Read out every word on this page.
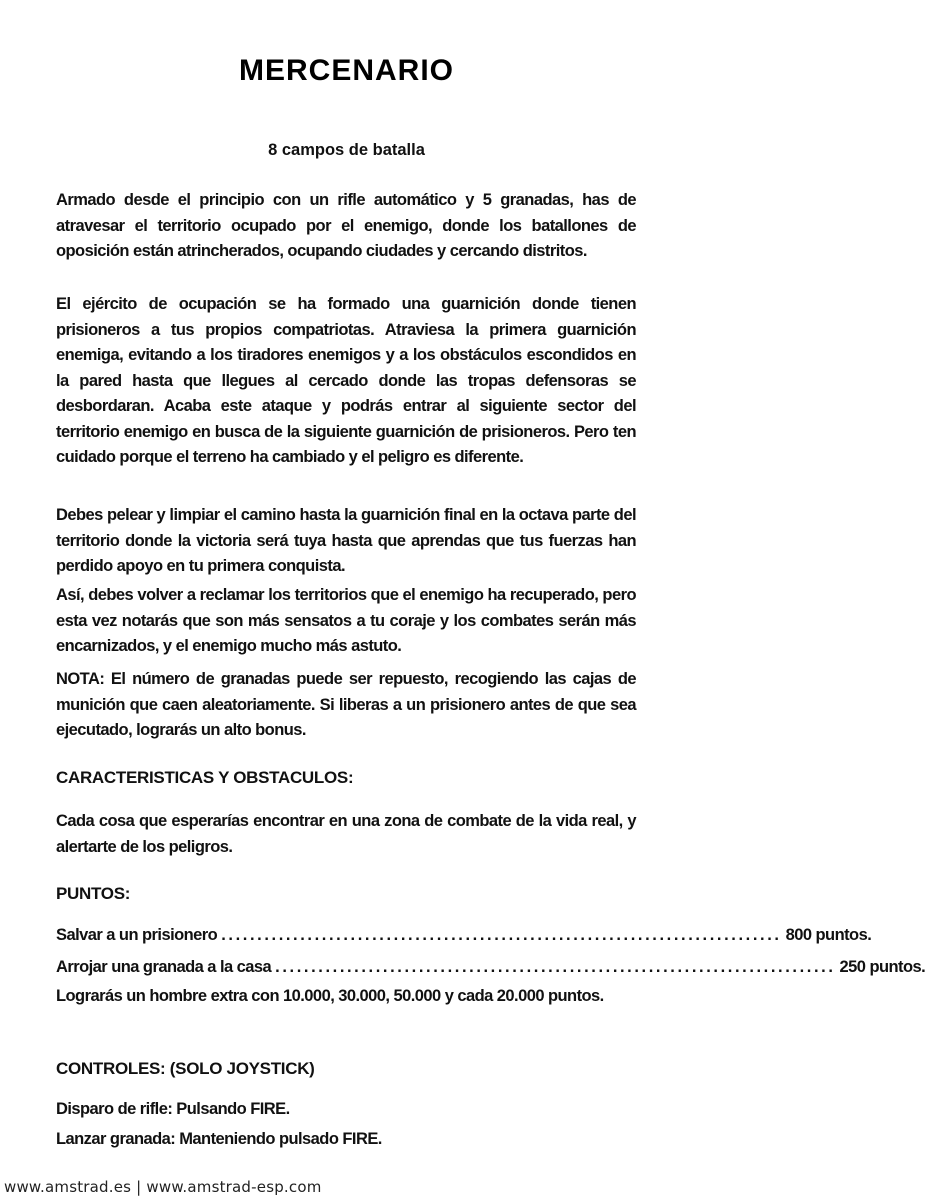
MERCENARIO
8 campos de batalla
Armado desde el principio con un rifle automático y 5 granadas, has de atravesar el territorio ocupado por el enemigo, donde los batallones de oposición están atrincherados, ocupando ciudades y cercando distritos.
El ejército de ocupación se ha formado una guarnición donde tienen prisioneros a tus propios compatriotas. Atraviesa la primera guarnición enemiga, evitando a los tiradores enemigos y a los obstáculos escondidos en la pared hasta que llegues al cercado donde las tropas defensoras se desbordaran. Acaba este ataque y podrás entrar al siguiente sector del territorio enemigo en busca de la siguiente guarnición de prisioneros. Pero ten cuidado porque el terreno ha cambiado y el peligro es diferente.
Debes pelear y limpiar el camino hasta la guarnición final en la octava parte del territorio donde la victoria será tuya hasta que aprendas que tus fuerzas han perdido apoyo en tu primera conquista.
Así, debes volver a reclamar los territorios que el enemigo ha recuperado, pero esta vez notarás que son más sensatos a tu coraje y los combates serán más encarnizados, y el enemigo mucho más astuto.
NOTA: El número de granadas puede ser repuesto, recogiendo las cajas de munición que caen aleatoriamente. Si liberas a un prisionero antes de que sea ejecutado, lograrás un alto bonus.
CARACTERISTICAS Y OBSTACULOS:
Cada cosa que esperarías encontrar en una zona de combate de la vida real, y alertarte de los peligros.
PUNTOS:
Salvar a un prisionero .............................................................................. 800 puntos.
Arrojar una granada a la casa .............................................................................. 250 puntos.
Lograrás un hombre extra con 10.000, 30.000, 50.000 y cada 20.000 puntos.
CONTROLES: (SOLO JOYSTICK)
Disparo de rifle: Pulsando FIRE.
Lanzar granada: Manteniendo pulsado FIRE.
www.amstrad.es | www.amstrad-esp.com
